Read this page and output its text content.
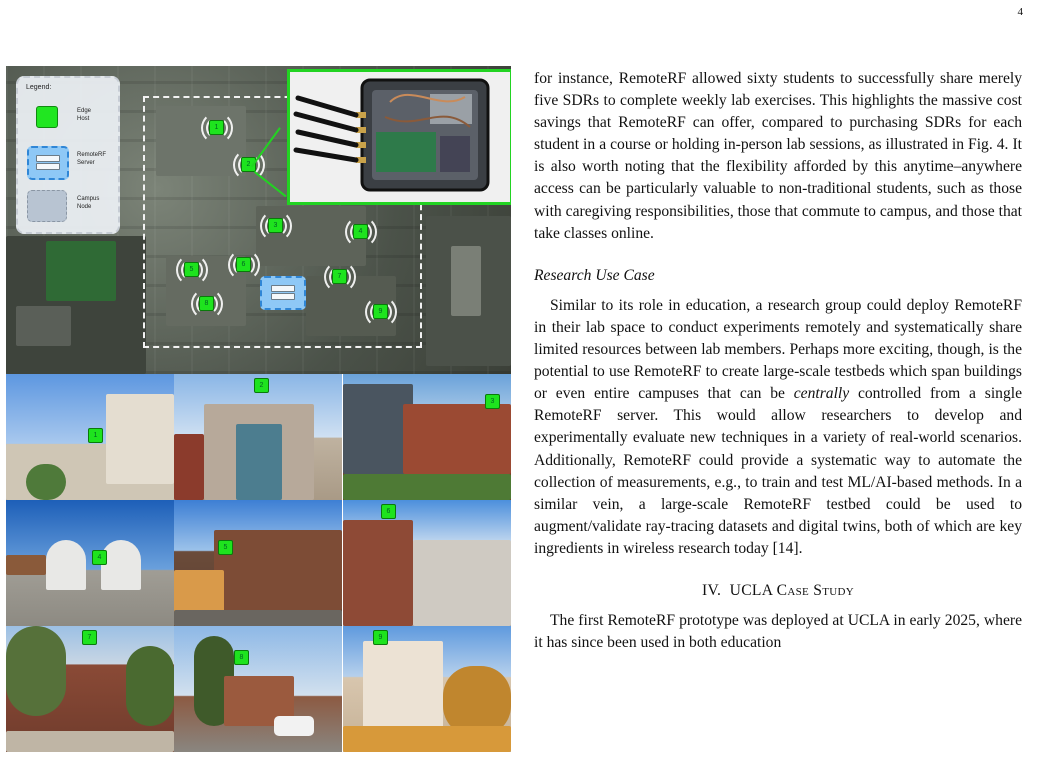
4
Legend:
Edge
Host
RemoteRF
Server
Campus
Node
1
2
3
4
5
6
7
8
9
1
2
3
4
5
6
7
8
9

for instance, RemoteRF allowed sixty students to successfully share merely five SDRs to complete weekly lab exercises. This highlights the massive cost savings that RemoteRF can offer, compared to purchasing SDRs for each student in a course or holding in-person lab sessions, as illustrated in Fig. 4. It is also worth noting that the flexibility afforded by this anytime–anywhere access can be particularly valuable to non-traditional students, such as those with caregiving responsibilities, those that commute to campus, and those that take classes online.

Research Use Case

Similar to its role in education, a research group could deploy RemoteRF in their lab space to conduct experiments remotely and systematically share limited resources between lab members. Perhaps more exciting, though, is the potential to use RemoteRF to create large-scale testbeds which span buildings or even entire campuses that can be centrally controlled from a single RemoteRF server. This would allow researchers to develop and experimentally evaluate new techniques in a variety of real-world scenarios. Additionally, RemoteRF could provide a systematic way to automate the collection of measurements, e.g., to train and test ML/AI-based methods. In a similar vein, a large-scale RemoteRF testbed could be used to augment/validate ray-tracing datasets and digital twins, both of which are key ingredients in wireless research today [14].

IV. UCLA Case Study

The first RemoteRF prototype was deployed at UCLA in early 2025, where it has since been used in both education
